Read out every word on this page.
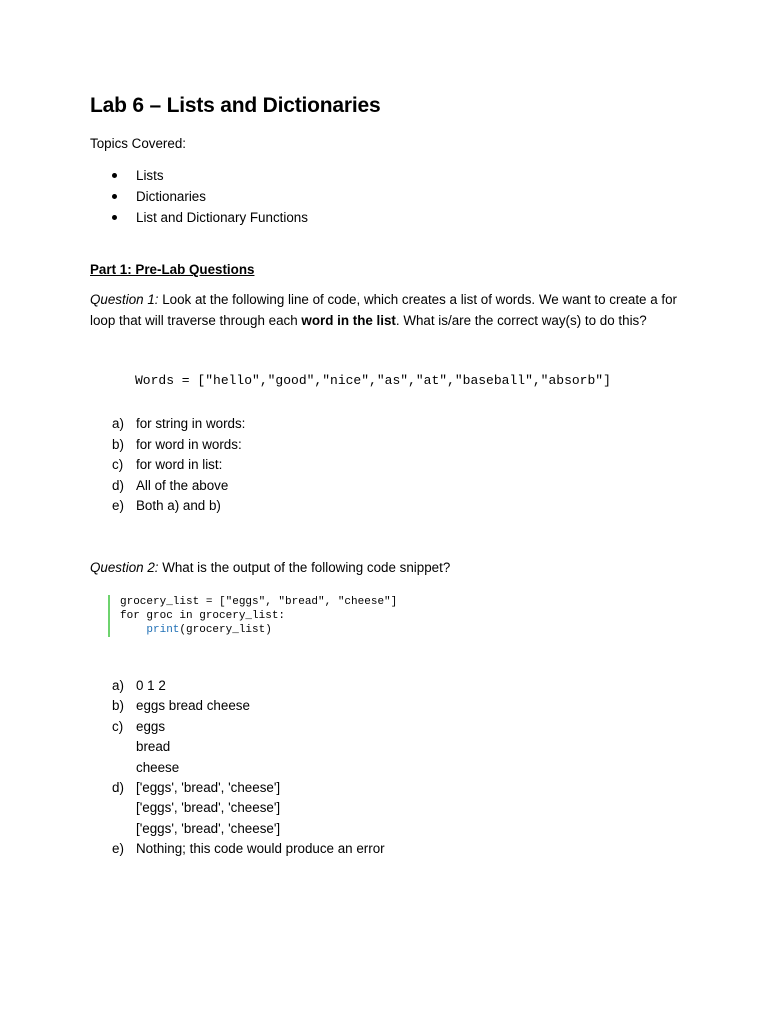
Lab 6 – Lists and Dictionaries
Topics Covered:
Lists
Dictionaries
List and Dictionary Functions
Part 1: Pre-Lab Questions
Question 1: Look at the following line of code, which creates a list of words. We want to create a for loop that will traverse through each word in the list. What is/are the correct way(s) to do this?
Words = ["hello","good","nice","as","at","baseball","absorb"]
a) for string in words:
b) for word in words:
c) for word in list:
d) All of the above
e) Both a) and b)
Question 2: What is the output of the following code snippet?
grocery_list = ["eggs", "bread", "cheese"]
for groc in grocery_list:
print(grocery_list)
a) 0 1 2
b) eggs bread cheese
c) eggs
bread
cheese
d) ['eggs', 'bread', 'cheese']
['eggs', 'bread', 'cheese']
['eggs', 'bread', 'cheese']
e) Nothing; this code would produce an error
